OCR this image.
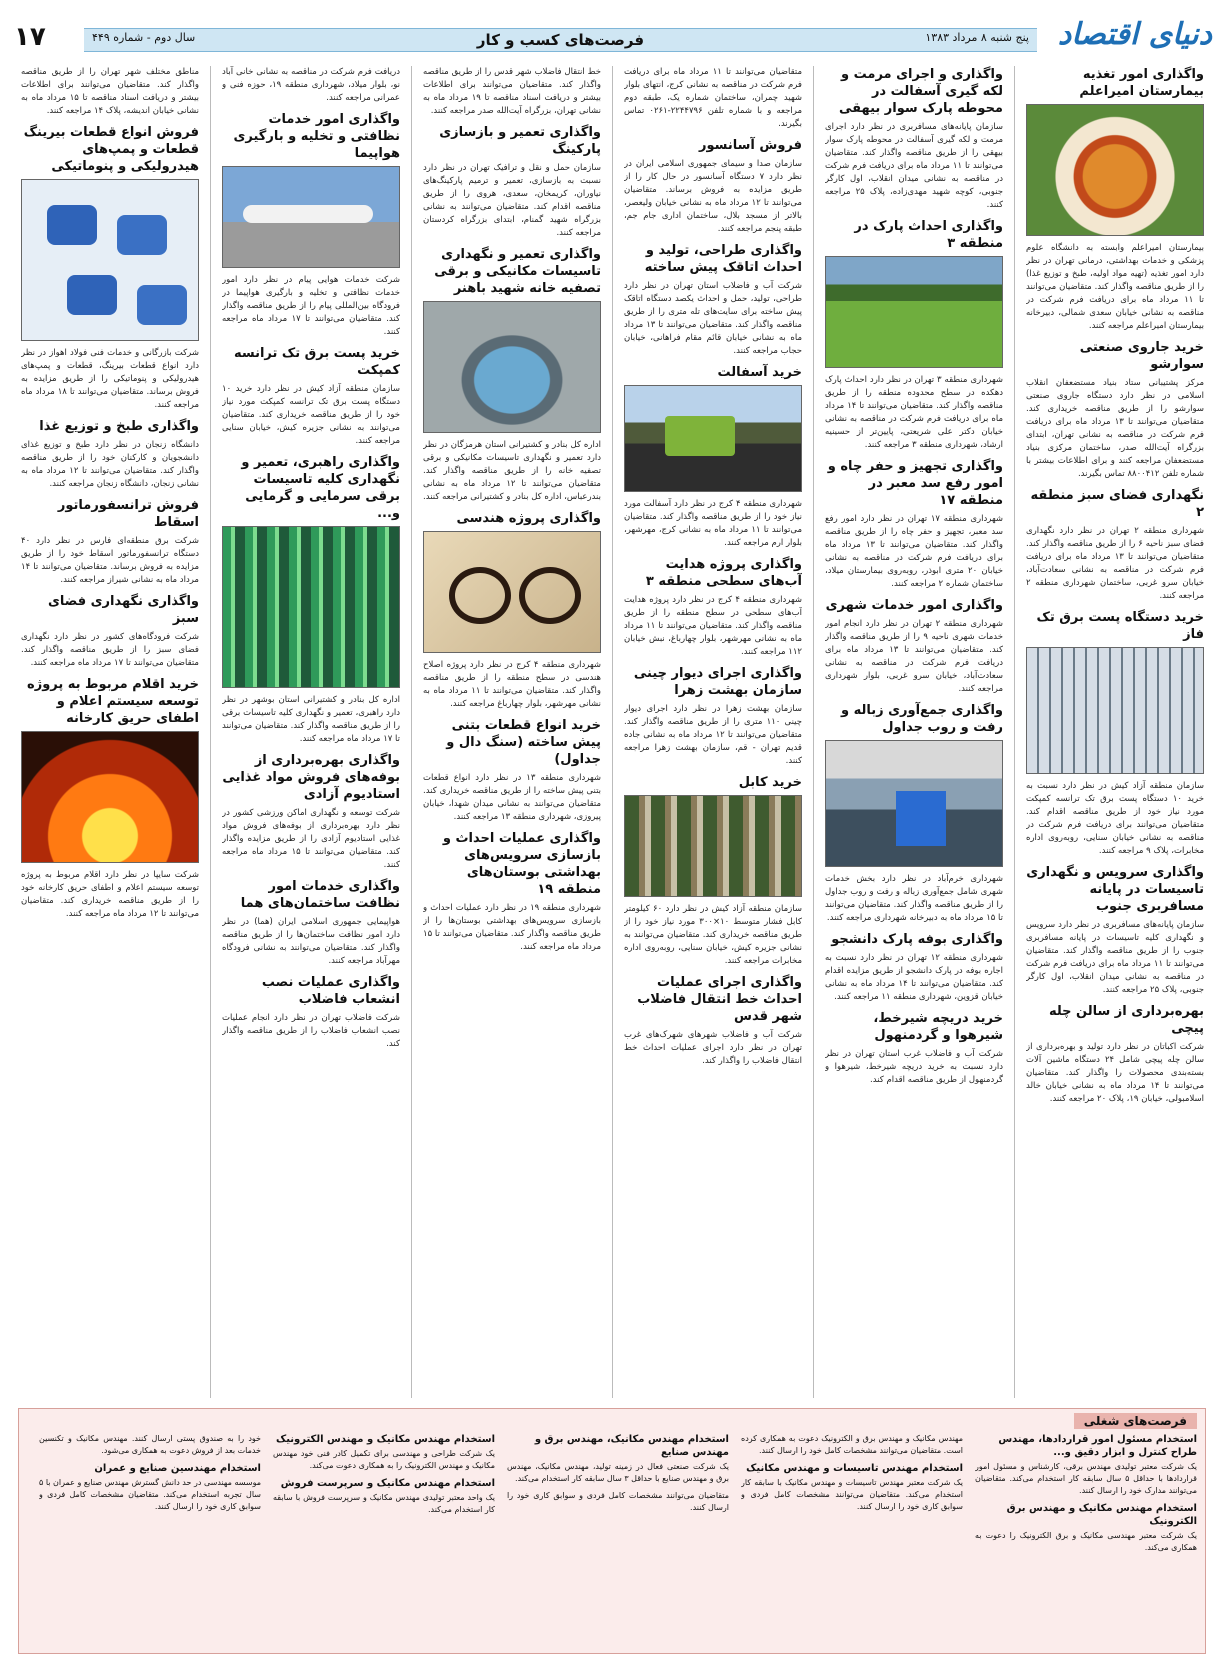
دنیای اقتصاد
پنج شنبه ۸ مرداد ۱۳۸۳
فرصت‌های کسب و کار
سال دوم - شماره ۴۴۹
۱۷
واگذاری امور تغذیه بیمارستان امیراعلم

بیمارستان امیراعلم وابسته به دانشگاه علوم پزشکی و خدمات بهداشتی، درمانی تهران در نظر دارد امور تغذیه (تهیه مواد اولیه، طبخ و توزیع غذا) را از طریق مناقصه واگذار کند. متقاضیان می‌توانند تا ۱۱ مرداد ماه برای دریافت فرم شرکت در مناقصه به نشانی خیابان سعدی شمالی، دبیرخانه بیمارستان امیراعلم مراجعه کنند.

خرید جاروی صنعتی سوارشو

مرکز پشتیبانی ستاد بنیاد مستضعفان انقلاب اسلامی در نظر دارد دستگاه جاروی صنعتی سوارشو را از طریق مناقصه خریداری کند. متقاضیان می‌توانند تا ۱۳ مرداد ماه برای دریافت فرم شرکت در مناقصه به نشانی تهران، ابتدای بزرگراه آیت‌الله صدر، ساختمان مرکزی بنیاد مستضعفان مراجعه کنند و برای اطلاعات بیشتر با شماره تلفن ۸۸۰۰۴۱۲ تماس بگیرند.

نگهداری فضای سبز منطقه ۲

شهرداری منطقه ۲ تهران در نظر دارد نگهداری فضای سبز ناحیه ۶ را از طریق مناقصه واگذار کند. متقاضیان می‌توانند تا ۱۳ مرداد ماه برای دریافت فرم شرکت در مناقصه به نشانی سعادت‌آباد، خیابان سرو غربی، ساختمان شهرداری منطقه ۲ مراجعه کنند.

خرید دستگاه پست برق تک فاز

سازمان منطقه آزاد کیش در نظر دارد نسبت به خرید ۱۰ دستگاه پست برق تک ترانسه کمپکت مورد نیاز خود از طریق مناقصه اقدام کند. متقاضیان می‌توانند برای دریافت فرم شرکت در مناقصه به نشانی خیابان سنایی، روبه‌روی اداره مخابرات، پلاک ۹ مراجعه کنند.

واگذاری سرویس و نگهداری تاسیسات در پایانه مسافربری جنوب

سازمان پایانه‌های مسافربری در نظر دارد سرویس و نگهداری کلیه تاسیسات در پایانه مسافربری جنوب را از طریق مناقصه واگذار کند. متقاضیان می‌توانند تا ۱۱ مرداد ماه برای دریافت فرم شرکت در مناقصه به نشانی میدان انقلاب، اول کارگر جنوبی، پلاک ۲۵ مراجعه کنند.

بهره‌برداری از سالن چله پیچی

شرکت اکباتان در نظر دارد تولید و بهره‌برداری از سالن چله پیچی شامل ۲۴ دستگاه ماشین آلات بسته‌بندی محصولات را واگذار کند. متقاضیان می‌توانند تا ۱۴ مرداد ماه به نشانی خیابان خالد اسلامبولی، خیابان ۱۹، پلاک ۲۰ مراجعه کنند.

واگذاری و اجرای مرمت و لکه گیری آسفالت در محوطه پارک سوار بیهقی

سازمان پایانه‌های مسافربری در نظر دارد اجرای مرمت و لکه گیری آسفالت در محوطه پارک سوار بیهقی را از طریق مناقصه واگذار کند. متقاضیان می‌توانند تا ۱۱ مرداد ماه برای دریافت فرم شرکت در مناقصه به نشانی میدان انقلاب، اول کارگر جنوبی، کوچه شهید مهدی‌زاده، پلاک ۲۵ مراجعه کنند.

واگذاری احداث پارک در منطقه ۳

شهرداری منطقه ۳ تهران در نظر دارد احداث پارک دهکده در سطح محدوده منطقه را از طریق مناقصه واگذار کند. متقاضیان می‌توانند تا ۱۴ مرداد ماه برای دریافت فرم شرکت در مناقصه به نشانی خیابان دکتر علی شریعتی، پایین‌تر از حسینیه ارشاد، شهرداری منطقه ۳ مراجعه کنند.

واگذاری تجهیز و حفر چاه و امور رفع سد معبر در منطقه ۱۷

شهرداری منطقه ۱۷ تهران در نظر دارد امور رفع سد معبر، تجهیز و حفر چاه را از طریق مناقصه واگذار کند. متقاضیان می‌توانند تا ۱۳ مرداد ماه برای دریافت فرم شرکت در مناقصه به نشانی خیابان ۲۰ متری ابوذر، روبه‌روی بیمارستان میلاد، ساختمان شماره ۲ مراجعه کنند.

واگذاری امور خدمات شهری

شهرداری منطقه ۲ تهران در نظر دارد انجام امور خدمات شهری ناحیه ۹ را از طریق مناقصه واگذار کند. متقاضیان می‌توانند تا ۱۳ مرداد ماه برای دریافت فرم شرکت در مناقصه به نشانی سعادت‌آباد، خیابان سرو غربی، بلوار شهرداری مراجعه کنند.

واگذاری جمع‌آوری زباله و رفت و روب جداول

شهرداری خرم‌آباد در نظر دارد بخش خدمات شهری شامل جمع‌آوری زباله و رفت و روب جداول را از طریق مناقصه واگذار کند. متقاضیان می‌توانند تا ۱۵ مرداد ماه به دبیرخانه شهرداری مراجعه کنند.

واگذاری بوفه پارک دانشجو

شهرداری منطقه ۱۲ تهران در نظر دارد نسبت به اجاره بوفه در پارک دانشجو از طریق مزایده اقدام کند. متقاضیان می‌توانند تا ۱۴ مرداد ماه به نشانی خیابان قزوین، شهرداری منطقه ۱۱ مراجعه کنند.

خرید دریچه شیرخط، شیرهوا و گردمنهول

شرکت آب و فاضلاب غرب استان تهران در نظر دارد نسبت به خرید دریچه شیرخط، شیرهوا و گردمنهول از طریق مناقصه اقدام کند.

متقاضیان می‌توانند تا ۱۱ مرداد ماه برای دریافت فرم شرکت در مناقصه به نشانی کرج، انتهای بلوار شهید چمران، ساختمان شماره یک، طبقه دوم مراجعه و با شماره تلفن ۲۲۴۴۷۹۶-۰۲۶۱ تماس بگیرند.

فروش آسانسور

سازمان صدا و سیمای جمهوری اسلامی ایران در نظر دارد ۷ دستگاه آسانسور در حال کار را از طریق مزایده به فروش برساند. متقاضیان می‌توانند تا ۱۲ مرداد ماه به نشانی خیابان ولیعصر، بالاتر از مسجد بلال، ساختمان اداری جام جم، طبقه پنجم مراجعه کنند.

واگذاری طراحی، تولید و احداث اتاقک پیش ساخته

شرکت آب و فاضلاب استان تهران در نظر دارد طراحی، تولید، حمل و احداث یکصد دستگاه اتاقک پیش ساخته برای سایت‌های تله متری را از طریق مناقصه واگذار کند. متقاضیان می‌توانند تا ۱۳ مرداد ماه به نشانی خیابان قائم مقام فراهانی، خیابان حجاب مراجعه کنند.

خرید آسفالت

شهرداری منطقه ۴ کرج در نظر دارد آسفالت مورد نیاز خود را از طریق مناقصه واگذار کند. متقاضیان می‌توانند تا ۱۱ مرداد ماه به نشانی کرج، مهرشهر، بلوار ارم مراجعه کنند.

واگذاری پروژه هدایت آب‌های سطحی منطقه ۳

شهرداری منطقه ۴ کرج در نظر دارد پروژه هدایت آب‌های سطحی در سطح منطقه را از طریق مناقصه واگذار کند. متقاضیان می‌توانند تا ۱۱ مرداد ماه به نشانی مهرشهر، بلوار چهارباغ، نبش خیابان ۱۱۲ مراجعه کنند.

واگذاری اجرای دیوار چینی سازمان بهشت زهرا

سازمان بهشت زهرا در نظر دارد اجرای دیوار چینی ۱۱۰ متری را از طریق مناقصه واگذار کند. متقاضیان می‌توانند تا ۱۲ مرداد ماه به نشانی جاده قدیم تهران - قم، سازمان بهشت زهرا مراجعه کنند.

خرید کابل

سازمان منطقه آزاد کیش در نظر دارد ۶۰ کیلومتر کابل فشار متوسط ۱۰×۳۰۰ مورد نیاز خود را از طریق مناقصه خریداری کند. متقاضیان می‌توانند به نشانی جزیره کیش، خیابان سنایی، روبه‌روی اداره مخابرات مراجعه کنند.

واگذاری اجرای عملیات احداث خط انتقال فاضلاب شهر قدس

شرکت آب و فاضلاب شهرهای شهرک‌های غرب تهران در نظر دارد اجرای عملیات احداث خط انتقال فاضلاب را واگذار کند.

خط انتقال فاضلاب شهر قدس را از طریق مناقصه واگذار کند. متقاضیان می‌توانند برای اطلاعات بیشتر و دریافت اسناد مناقصه تا ۱۹ مرداد ماه به نشانی تهران، بزرگراه آیت‌الله صدر مراجعه کنند.

واگذاری تعمیر و بازسازی پارکینگ

سازمان حمل و نقل و ترافیک تهران در نظر دارد نسبت به بازسازی، تعمیر و ترمیم پارکینگ‌های نیاوران، کریمخان، سعدی، هروی را از طریق مناقصه اقدام کند. متقاضیان می‌توانند به نشانی بزرگراه شهید گمنام، ابتدای بزرگراه کردستان مراجعه کنند.

واگذاری تعمیر و نگهداری تاسیسات مکانیکی و برقی تصفیه خانه شهید باهنر

اداره کل بنادر و کشتیرانی استان هرمزگان در نظر دارد تعمیر و نگهداری تاسیسات مکانیکی و برقی تصفیه خانه را از طریق مناقصه واگذار کند. متقاضیان می‌توانند تا ۱۲ مرداد ماه به نشانی بندرعباس، اداره کل بنادر و کشتیرانی مراجعه کنند.

واگذاری پروژه هندسی

شهرداری منطقه ۴ کرج در نظر دارد پروژه اصلاح هندسی در سطح منطقه را از طریق مناقصه واگذار کند. متقاضیان می‌توانند تا ۱۱ مرداد ماه به نشانی مهرشهر، بلوار چهارباغ مراجعه کنند.

خرید انواع قطعات بتنی پیش ساخته (سنگ دال و جداول)

شهرداری منطقه ۱۳ در نظر دارد انواع قطعات بتنی پیش ساخته را از طریق مناقصه خریداری کند. متقاضیان می‌توانند به نشانی میدان شهدا، خیابان پیروزی، شهرداری منطقه ۱۳ مراجعه کنند.

واگذاری عملیات احداث و بازسازی سرویس‌های بهداشتی بوستان‌های منطقه ۱۹

شهرداری منطقه ۱۹ در نظر دارد عملیات احداث و بازسازی سرویس‌های بهداشتی بوستان‌ها را از طریق مناقصه واگذار کند. متقاضیان می‌توانند تا ۱۵ مرداد ماه مراجعه کنند.

دریافت فرم شرکت در مناقصه به نشانی خانی آباد نو، بلوار میلاد، شهرداری منطقه ۱۹، حوزه فنی و عمرانی مراجعه کنند.

واگذاری امور خدمات نظافتی و تخلیه و بارگیری هواپیما

شرکت خدمات هوایی پیام در نظر دارد امور خدمات نظافتی و تخلیه و بارگیری هواپیما در فرودگاه بین‌المللی پیام را از طریق مناقصه واگذار کند. متقاضیان می‌توانند تا ۱۷ مرداد ماه مراجعه کنند.

خرید پست برق تک ترانسه کمپکت

سازمان منطقه آزاد کیش در نظر دارد خرید ۱۰ دستگاه پست برق تک ترانسه کمپکت مورد نیاز خود را از طریق مناقصه خریداری کند. متقاضیان می‌توانند به نشانی جزیره کیش، خیابان سنایی مراجعه کنند.

واگذاری راهبری، تعمیر و نگهداری کلیه تاسیسات برقی سرمایی و گرمایی و...

اداره کل بنادر و کشتیرانی استان بوشهر در نظر دارد راهبری، تعمیر و نگهداری کلیه تاسیسات برقی را از طریق مناقصه واگذار کند. متقاضیان می‌توانند تا ۱۷ مرداد ماه مراجعه کنند.

واگذاری بهره‌برداری از بوفه‌های فروش مواد غذایی استادیوم آزادی

شرکت توسعه و نگهداری اماکن ورزشی کشور در نظر دارد بهره‌برداری از بوفه‌های فروش مواد غذایی استادیوم آزادی را از طریق مزایده واگذار کند. متقاضیان می‌توانند تا ۱۵ مرداد ماه مراجعه کنند.

واگذاری خدمات امور نظافت ساختمان‌های هما

هواپیمایی جمهوری اسلامی ایران (هما) در نظر دارد امور نظافت ساختمان‌ها را از طریق مناقصه واگذار کند. متقاضیان می‌توانند به نشانی فرودگاه مهرآباد مراجعه کنند.

واگذاری عملیات نصب انشعاب فاضلاب

شرکت فاضلاب تهران در نظر دارد انجام عملیات نصب انشعاب فاضلاب را از طریق مناقصه واگذار کند.

مناطق مختلف شهر تهران را از طریق مناقصه واگذار کند. متقاضیان می‌توانند برای اطلاعات بیشتر و دریافت اسناد مناقصه تا ۱۵ مرداد ماه به نشانی خیابان اندیشه، پلاک ۱۴ مراجعه کنند.

فروش انواع قطعات بیرینگ قطعات و پمپ‌های هیدرولیکی و پنوماتیکی

شرکت بازرگانی و خدمات فنی فولاد اهواز در نظر دارد انواع قطعات بیرینگ، قطعات و پمپ‌های هیدرولیکی و پنوماتیکی را از طریق مزایده به فروش برساند. متقاضیان می‌توانند تا ۱۸ مرداد ماه مراجعه کنند.

واگذاری طبخ و توزیع غذا

دانشگاه زنجان در نظر دارد طبخ و توزیع غذای دانشجویان و کارکنان خود را از طریق مناقصه واگذار کند. متقاضیان می‌توانند تا ۱۲ مرداد ماه به نشانی زنجان، دانشگاه زنجان مراجعه کنند.

فروش ترانسفورماتور اسقاط

شرکت برق منطقه‌ای فارس در نظر دارد ۴۰ دستگاه ترانسفورماتور اسقاط خود را از طریق مزایده به فروش برساند. متقاضیان می‌توانند تا ۱۴ مرداد ماه به نشانی شیراز مراجعه کنند.

واگذاری نگهداری فضای سبز

شرکت فرودگاه‌های کشور در نظر دارد نگهداری فضای سبز را از طریق مناقصه واگذار کند. متقاضیان می‌توانند تا ۱۷ مرداد ماه مراجعه کنند.

خرید اقلام مربوط به پروژه توسعه سیستم اعلام و اطفای حریق کارخانه

شرکت سایپا در نظر دارد اقلام مربوط به پروژه توسعه سیستم اعلام و اطفای حریق کارخانه خود را از طریق مناقصه خریداری کند. متقاضیان می‌توانند تا ۱۲ مرداد ماه مراجعه کنند.

فرصت‌های شغلی
استخدام مسئول امور قراردادها، مهندس طراح کنترل و ابزار دقیق و...

یک شرکت معتبر تولیدی مهندس برقی، کارشناس و مسئول امور قراردادها با حداقل ۵ سال سابقه کار استخدام می‌کند. متقاضیان می‌توانند مدارک خود را ارسال کنند.

استخدام مهندس مکانیک و مهندس برق الکترونیک

یک شرکت معتبر مهندسی مکانیک و برق الکترونیک را دعوت به همکاری می‌کند.

مهندس مکانیک و مهندس برق و الکترونیک دعوت به همکاری کرده است. متقاضیان می‌توانند مشخصات کامل خود را ارسال کنند.

استخدام مهندس تاسیسات و مهندس مکانیک

یک شرکت معتبر مهندس تاسیسات و مهندس مکانیک با سابقه کار استخدام می‌کند. متقاضیان می‌توانند مشخصات کامل فردی و سوابق کاری خود را ارسال کنند.

استخدام مهندس مکانیک، مهندس برق و مهندس صنایع

یک شرکت صنعتی فعال در زمینه تولید، مهندس مکانیک، مهندس برق و مهندس صنایع با حداقل ۳ سال سابقه کار استخدام می‌کند.

متقاضیان می‌توانند مشخصات کامل فردی و سوابق کاری خود را ارسال کنند.

استخدام مهندس مکانیک و مهندس الکترونیک

یک شرکت طراحی و مهندسی برای تکمیل کادر فنی خود مهندس مکانیک و مهندس الکترونیک را به همکاری دعوت می‌کند.

استخدام مهندس مکانیک و سرپرست فروش

یک واحد معتبر تولیدی مهندس مکانیک و سرپرست فروش با سابقه کار استخدام می‌کند.

خود را به صندوق پستی ارسال کنند. مهندس مکانیک و تکنسین خدمات بعد از فروش دعوت به همکاری می‌شود.

استخدام مهندسین صنایع و عمران

موسسه مهندسی در حد دانش گسترش مهندس صنایع و عمران با ۵ سال تجربه استخدام می‌کند. متقاضیان مشخصات کامل فردی و سوابق کاری خود را ارسال کنند.
